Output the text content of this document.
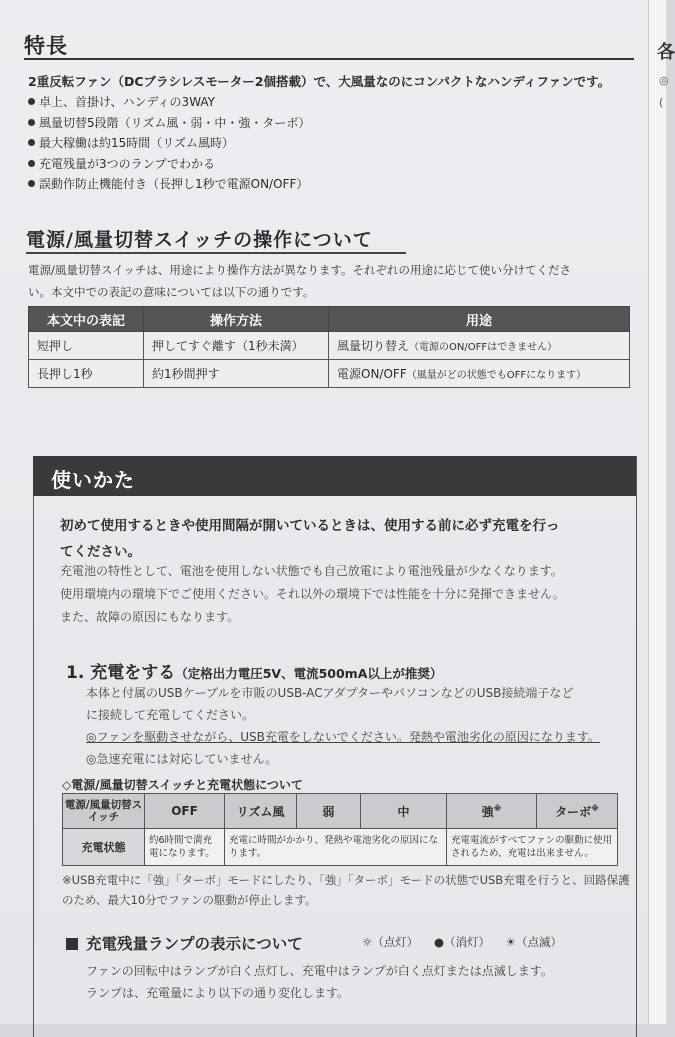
特長
2重反転ファン（DCブラシレスモーター2個搭載）で、大風量なのにコンパクトなハンディファンです。
卓上、首掛け、ハンディの3WAY
風量切替5段階（リズム風・弱・中・強・ターボ）
最大稼働は約15時間（リズム風時）
充電残量が3つのランプでわかる
誤動作防止機能付き（長押し1秒で電源ON/OFF）
電源/風量切替スイッチの操作について
電源/風量切替スイッチは、用途により操作方法が異なります。それぞれの用途に応じて使い分けてくださ
い。本文中での表記の意味については以下の通りです。
本文中の表記	操作方法	用途
短押し	押してすぐ離す（1秒未満）	風量切り替え（電源のON/OFFはできません）
長押し1秒	約1秒間押す	電源ON/OFF（風量がどの状態でもOFFになります）
使いかた
初めて使用するときや使用間隔が開いているときは、使用する前に必ず充電を行っ
てください。
充電池の特性として、電池を使用しない状態でも自己放電により電池残量が少なくなります。
使用環境内の環境下でご使用ください。それ以外の環境下では性能を十分に発揮できません。
また、故障の原因にもなります。
1. 充電をする（定格出力電圧5V、電流500mA以上が推奨）
本体と付属のUSBケーブルを市販のUSB-ACアダプターやパソコンなどのUSB接続端子など
に接続して充電してください。
◎ファンを駆動させながら、USB充電をしないでください。発熱や電池劣化の原因になります。
◎急速充電には対応していません。
◇電源/風量切替スイッチと充電状態について
電源/風量切替スイッチ	OFF	リズム風	弱	中	強※	ターボ※
充電状態	約6時間で満充電になります。	充電に時間がかかり、発熱や電池劣化の原因になります。			充電電流がすべてファンの駆動に使用されるため、充電は出来ません。	
※USB充電中に「強」「ターボ」モードにしたり、「強」「ターボ」モードの状態でUSB充電を行うと、回路保護
のため、最大10分でファンの駆動が停止します。
充電残量ランプの表示について	☼（点灯） ●（消灯） ☀（点滅）
ファンの回転中はランプが白く点灯し、充電中はランプが白く点灯または点滅します。
ランプは、充電量により以下の通り変化します。
各
◎
(
